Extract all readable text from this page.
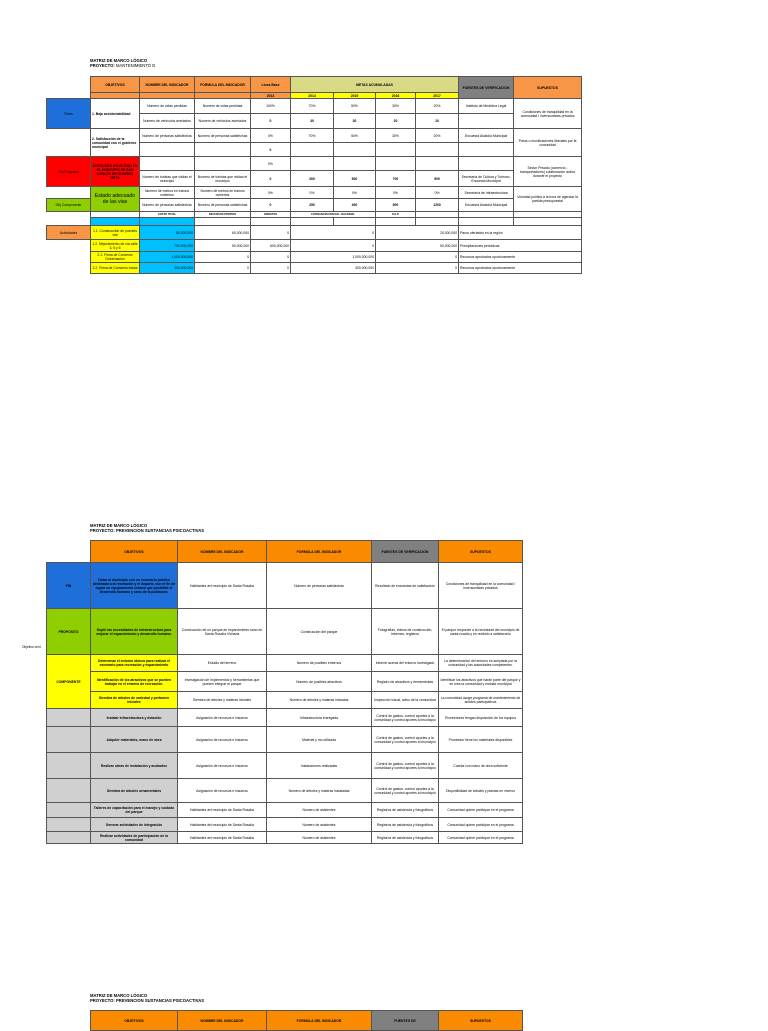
MATRIZ DE MARCO LÓGICO
PROYECTO: MANTENIMIENTO D
	OBJETIVOS	NOMBRE DEL INDICADOR	FORMULA DEL INDICADOR	Linea Base	METAS ACUMULADAS				FUENTES DE VERIFICACION	SUPUESTOS
				2013	2014	2015	2016	2017		
Fines	1. Baja accidentabilidad	Numero de vidas perdidas	Numero de vidas perdidas	100%	70%	50%	30%	20%	Instituto de Medicina Legal	Condiciones de tranquilidad en la comunidad / inversionistas privados
		Numero de vehículos averiados	Numero de vehículos averiados	0	40	30	20	10		
	2. Satisfacción de la comunidad con el gobierno municipal	Numero de personas satisfechas	Numero de personas satisfechas	0%	70%	50%	30%	20%	Encuesta Alcaldía Municipal	Paros o movilizaciones liberales por la comunidad
				0						
Obj Proposito	ADECUADA MOVILIDAD EN EL MUNICIPIO DE SAN CARLOS DE GUARDIA META			0%						Sector Privado (comercio - transportadores) colaboración activa durante el proyecto
		Numero de turistas que visitan el municipio	Numero de turistas que visitan el municipio	0	300	500	700	900	Secretaría de Cultura y Turismo. Encuesta Municipal	
	Estado adecuado de las vias	Numero de metros en tramos cubiertos	Numero de metros en tramos cubiertos	0%	0%	0%	0%	0%	Secretaría de Infraestructura	Voluntad política a la hora de agendar la partida presupuestal
Obj Componente		Numero de personas satisfechas	Numero de personas satisfechas	0	250	400	500	1200	Encuesta Alcaldía Municipal	
		COSTO TOTAL	RECURSOS PROPIOS	CREDITOS	COFINANCIACION NAL. NACIONAL		S.G.P.			

Actividades	1.1. Construcción de puentes vial	80,000,000	60,000,000	0	0		20,000,000		Paros ofertados en la región	
	1.2. Mejoramiento de vía calle 3, 5 y 6	700,000,000	50,000,000	600,000,000	0		50,000,000		Precipitaciones periódicas	
	2.1. Firma de Convenio Gobernación	1,000,000,000	0	0	1,000,000,000		0		Recursos aprobados oportunamente	
	2.2. Firma de Convenio Invias	300,000,000	0	0	300,000,000		0		Recursos aprobados oportunamente	
MATRIZ DE MARCO LÓGICO
PROYECTO: PREVENCION SUSTANCIAS PSICOACTIVAS
Objetivo cent
	OBJETIVOS	NOMBRE DEL INDICADOR	FORMULA DEL INDICADOR	FUENTES DE VERIFICACION	SUPUESTOS
FIN	Dotar al municipio con un escenario público destinado a la recreación y el deporte, con el fin de lograr un equipamiento urbano que posibilite el desarrollo humano y sano de la población.	Habitantes del municipio de Santa Rosalía	Numero de personas satisfechas	Resultado de encuestas de satisfacción	Condiciones de tranquilidad en la comunidad / inversionistas privados
PROPOSITO	Suplir las necesidades de infraestructura para mejorar el esparcimiento y desarrollo humano.	Construcción de un parque de esparcimiento sano en Santa Rosalía Vichada	Construcción del parque	Fotografías, videos de construcción, informes, registros	El parque responde a la necesidad del municipio de santa rosalía y es recibido a satisfacción
COMPONENTE	Determinar el entorno idóneo para realizar el escenario para recreación y esparcimiento	Estudio del terreno	Número de posibles entornos	Informe acerca del entorno investigado	La determinación del entorno es aceptada por la comunidad y las autoridades competentes.
	Identificación de los atractivos que se pueden trabajar en el entorno de recreación.	Investigación de implementos y herramientas que pueden integrar el parque	Número de posibles atractivos	Registro de atractivos y herramientas	Identificar los atractivos que harán parte del parque y se crea la comunidad y entidad municipal
	Siembra de árboles de variedad y perfumen iniciales	Siembra de árboles y materas iniciales	Número de árboles y materas iniciadas	Inspección visual, aviso de la comunidad	La comunidad acoge programa de mantenimiento de árboles participativos
	Instalar infraestructura y dotación	Asignación de recursos e insumos	Infraestructura entregada	Control de gastos, control aportes a la comunidad y control aportes al municipio	Proveedores tengan disposición de los equipos
	Adquirir materiales, mano de obra	Asignación de recursos e insumos	Material y mo utilizada	Control de gastos, control aportes a la comunidad y control aportes al municipio	Proveedor tiene los materiales disponibles
	Realizar obras de instalación y acabados	Asignación de recursos e insumos	Instalaciones realizadas	Control de gastos, control aportes a la comunidad y control aportes al municipio	Cuenta con mano de obra suficiente
	Siembra de árboles ornamentales	Asignación de recursos e insumos	Número de árboles y materas instaladas	Control de gastos, control aportes a la comunidad y control aportes al municipio	Disponibilidad de árboles y plantas en viveros
	Talleres de capacitación para el manejo y cuidado del parque	Habitantes del municipio de Santa Rosalía	Numero de asistentes	Registros de asistencia y fotográficos	Comunidad quiere participar en el programa
	Generar actividades de integración	Habitantes del municipio de Santa Rosalía	Numero de asistentes	Registros de asistencia y fotográficos	Comunidad quiere participar en el programa
	Realizar actividades de participación de la comunidad	Habitantes del municipio de Santa Rosalía	Numero de asistentes	Registros de asistencia y fotográficos	Comunidad quiere participar en el programa
MATRIZ DE MARCO LÓGICO
PROYECTO: PREVENCION SUSTANCIAS PSICOACTIVAS
OBJETIVOS	NOMBRE DEL INDICADOR	FORMULA DEL INDICADOR	FUENTES DE	SUPUESTOS
